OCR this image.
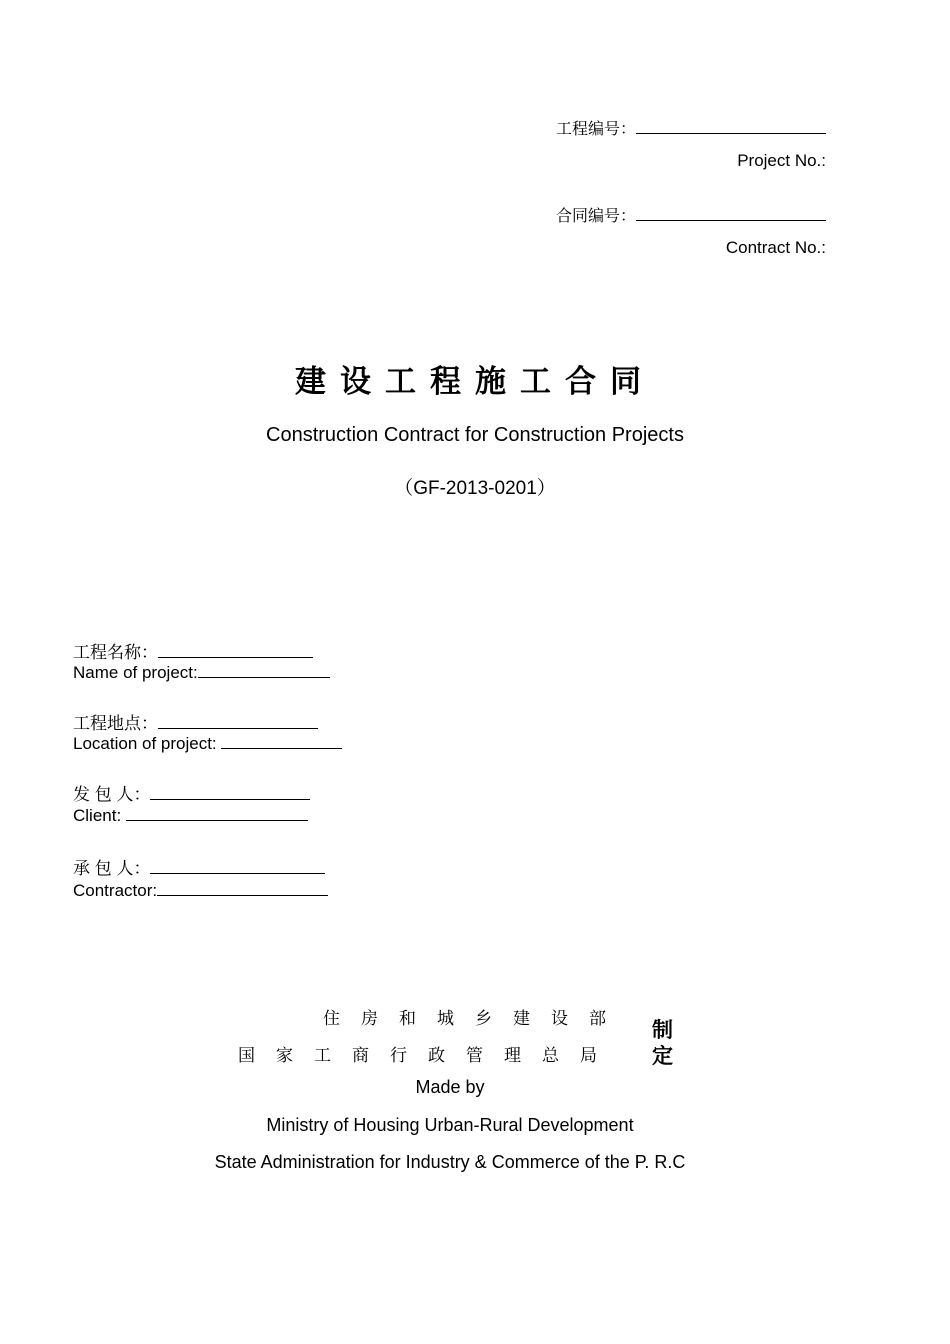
工程编号：
Project No.:
合同编号：
Contract No.:
建设工程施工合同
Construction Contract for Construction Projects
（GF-2013-0201）
工程名称：
Name of project:
工程地点：
Location of project:
发 包 人：
Client:
承 包 人：
Contractor:
住房和城乡建设部
国家工商行政管理总局
制定
Made by
Ministry of Housing Urban-Rural Development
State Administration for Industry & Commerce of the P. R.C
